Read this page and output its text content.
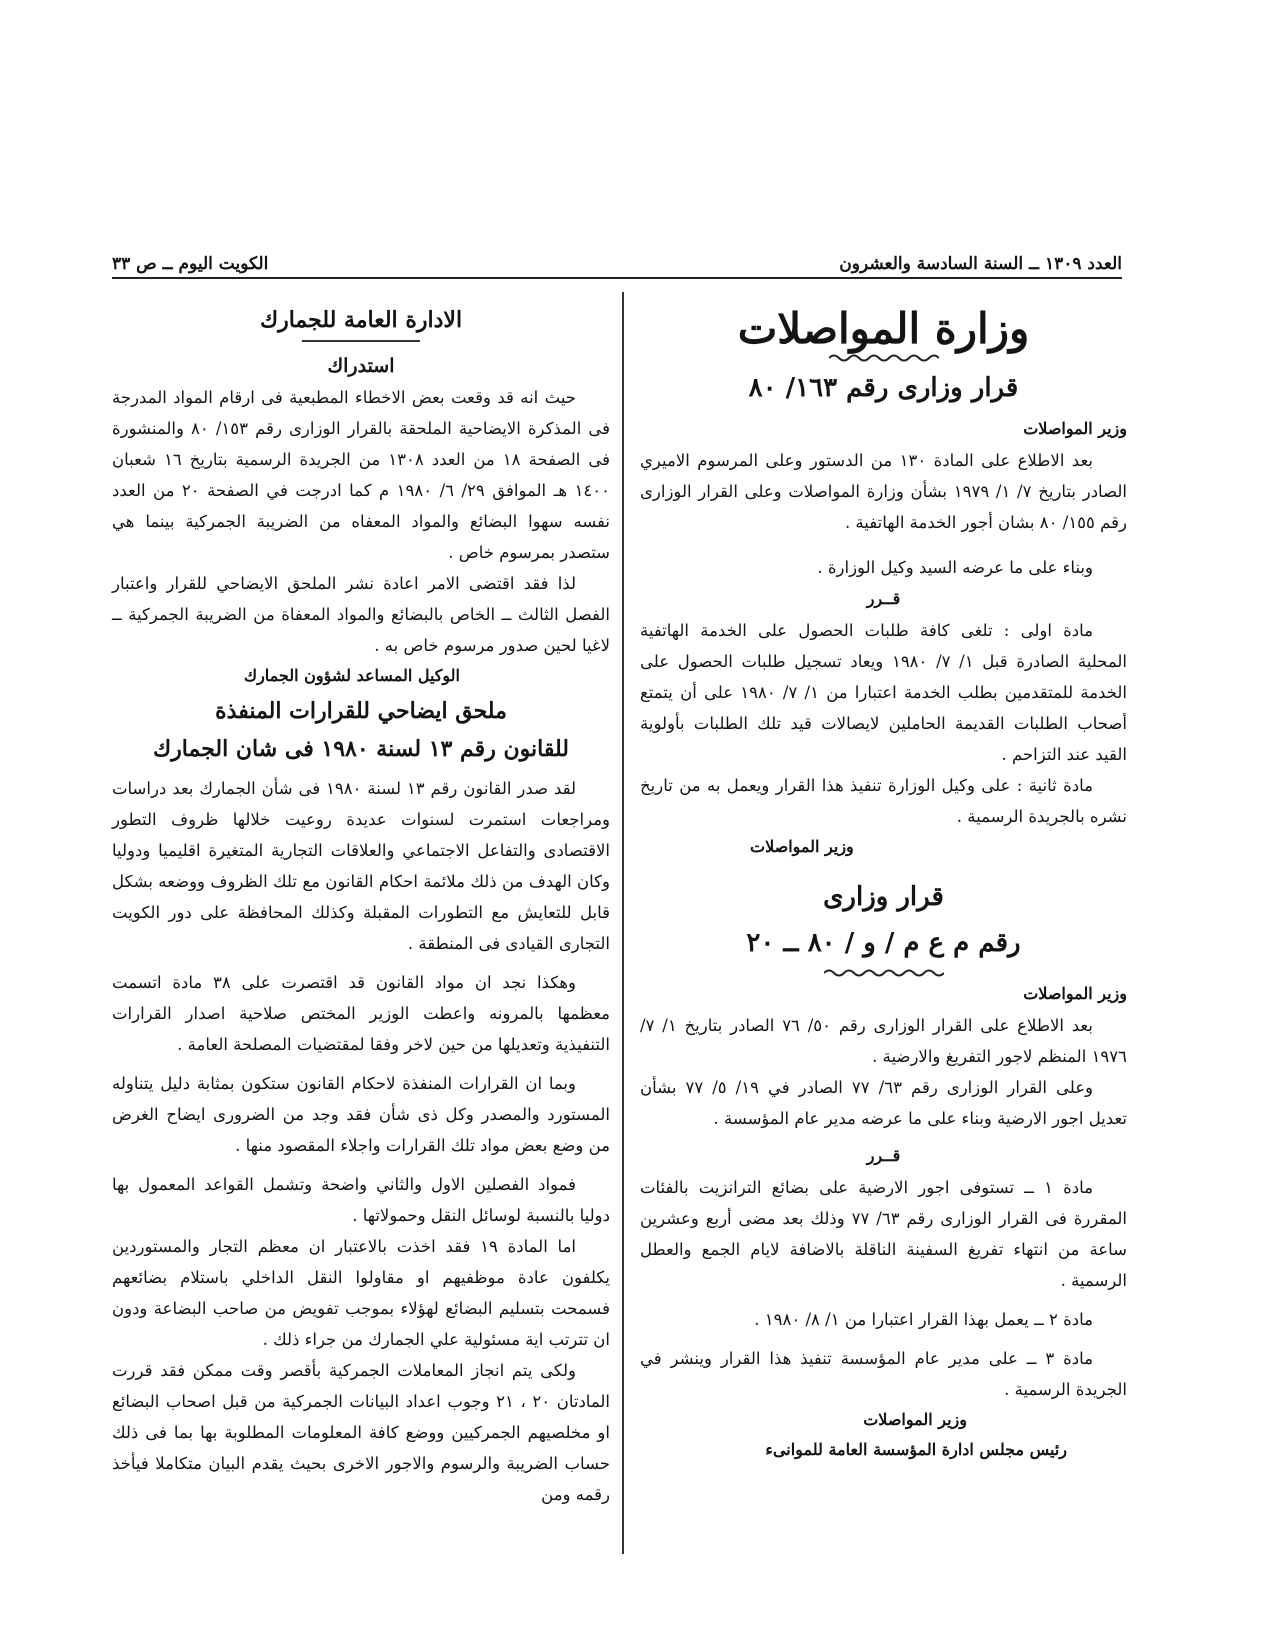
العدد ١٣٠٩ ــ السنة السادسة والعشرون
الكويت اليوم ــ ص ٣٣
وزارة المواصلات
قرار وزارى رقم ١٦٣/ ٨٠
وزير المواصلات

بعد الاطلاع على المادة ١٣٠ من الدستور وعلى المرسوم الاميري الصادر بتاريخ ٧/ ١/ ١٩٧٩ بشأن وزارة المواصلات وعلى القرار الوزارى رقم ١٥٥/ ٨٠ بشان أجور الخدمة الهاتفية .

وبناء على ما عرضه السيد وكيل الوزارة .

قــرر

مادة اولى : تلغى كافة طلبات الحصول على الخدمة الهاتفية المحلية الصادرة قبل ١/ ٧/ ١٩٨٠ ويعاد تسجيل طلبات الحصول على الخدمة للمتقدمين بطلب الخدمة اعتبارا من ١/ ٧/ ١٩٨٠ على أن يتمتع أصحاب الطلبات القديمة الحاملين لايصالات قيد تلك الطلبات بأولوية القيد عند التزاحم .

مادة ثانية : على وكيل الوزارة تنفيذ هذا القرار ويعمل به من تاريخ نشره بالجريدة الرسمية .

وزير المواصلات
قرار وزارى
رقم م ع م / و / ٨٠ ــ ٢٠
وزير المواصلات

بعد الاطلاع على القرار الوزارى رقم ٥٠/ ٧٦ الصادر بتاريخ ١/ ٧/ ١٩٧٦ المنظم لاجور التفريغ والارضية .

وعلى القرار الوزارى رقم ٦٣/ ٧٧ الصادر في ١٩/ ٥/ ٧٧ بشأن تعديل اجور الارضية وبناء على ما عرضه مدير عام المؤسسة .

قــرر

مادة ١ ــ تستوفى اجور الارضية على بضائع الترانزيت بالفئات المقررة فى القرار الوزارى رقم ٦٣/ ٧٧ وذلك بعد مضى أربع وعشرين ساعة من انتهاء تفريغ السفينة الناقلة بالاضافة لايام الجمع والعطل الرسمية .

مادة ٢ ــ يعمل بهذا القرار اعتبارا من ١/ ٨/ ١٩٨٠ .

مادة ٣ ــ على مدير عام المؤسسة تنفيذ هذا القرار وينشر في الجريدة الرسمية .

وزير المواصلات
رئيس مجلس ادارة المؤسسة العامة للموانىء
الادارة العامة للجمارك
استدراك

حيث انه قد وقعت بعض الاخطاء المطبعية فى ارقام المواد المدرجة فى المذكرة الايضاحية الملحقة بالقرار الوزارى رقم ١٥٣/ ٨٠ والمنشورة فى الصفحة ١٨ من العدد ١٣٠٨ من الجريدة الرسمية بتاريخ ١٦ شعبان ١٤٠٠ هـ الموافق ٢٩/ ٦/ ١٩٨٠ م كما ادرجت في الصفحة ٢٠ من العدد نفسه سهوا البضائع والمواد المعفاه من الضريبة الجمركية بينما هي ستصدر بمرسوم خاص .

لذا فقد اقتضى الامر اعادة نشر الملحق الايضاحي للقرار واعتبار الفصل الثالث ــ الخاص بالبضائع والمواد المعفاة من الضريبة الجمركية ــ لاغيا لحين صدور مرسوم خاص به .

الوكيل المساعد لشؤون الجمارك
ملحق ايضاحي للقرارات المنفذة
للقانون رقم ١٣ لسنة ١٩٨٠ فى شان الجمارك

لقد صدر القانون رقم ١٣ لسنة ١٩٨٠ فى شأن الجمارك بعد دراسات ومراجعات استمرت لسنوات عديدة روعيت خلالها ظروف التطور الاقتصادى والتفاعل الاجتماعي والعلاقات التجارية المتغيرة اقليميا ودوليا وكان الهدف من ذلك ملائمة احكام القانون مع تلك الظروف ووضعه بشكل قابل للتعايش مع التطورات المقبلة وكذلك المحافظة على دور الكويت التجارى القيادى فى المنطقة .

وهكذا نجد ان مواد القانون قد اقتصرت على ٣٨ مادة اتسمت معظمها بالمرونه واعطت الوزير المختص صلاحية اصدار القرارات التنفيذية وتعديلها من حين لاخر وفقا لمقتضيات المصلحة العامة .

وبما ان القرارات المنفذة لاحكام القانون ستكون بمثابة دليل يتناوله المستورد والمصدر وكل ذى شأن فقد وجد من الضرورى ايضاح الغرض من وضع بعض مواد تلك القرارات واجلاء المقصود منها .

فمواد الفصلين الاول والثاني واضحة وتشمل القواعد المعمول بها دوليا بالنسبة لوسائل النقل وحمولاتها .

اما المادة ١٩ فقد اخذت بالاعتبار ان معظم التجار والمستوردين يكلفون عادة موظفيهم او مقاولوا النقل الداخلي باستلام بضائعهم فسمحت بتسليم البضائع لهؤلاء بموجب تفويض من صاحب البضاعة ودون ان تترتب اية مسئولية علي الجمارك من جراء ذلك .

ولكى يتم انجاز المعاملات الجمركية بأقصر وقت ممكن فقد قررت المادتان ٢٠ ، ٢١ وجوب اعداد البيانات الجمركية من قبل اصحاب البضائع او مخلصيهم الجمركيين ووضع كافة المعلومات المطلوبة بها بما فى ذلك حساب الضريبة والرسوم والاجور الاخرى بحيث يقدم البيان متكاملا فيأخذ رقمه ومن
